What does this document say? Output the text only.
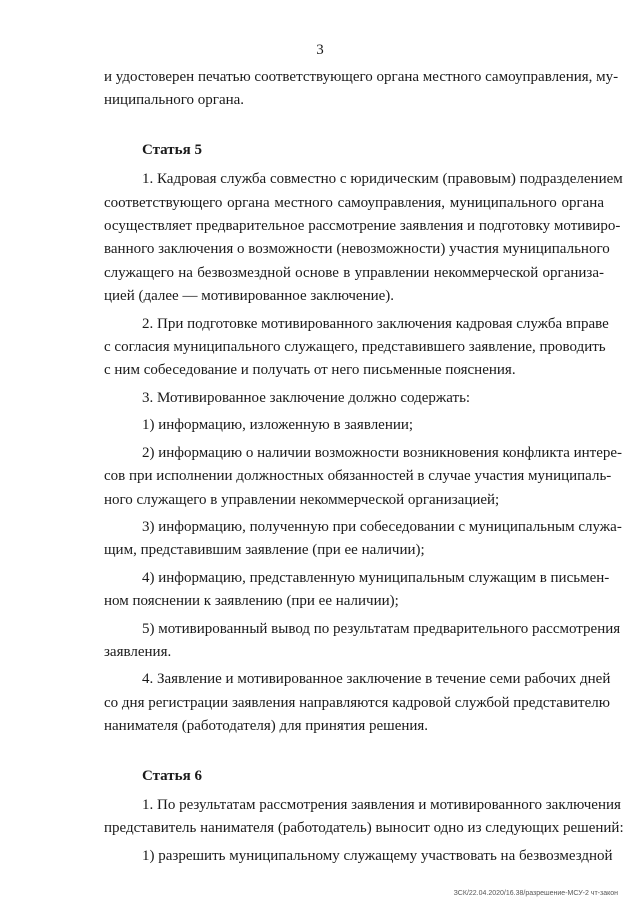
3
и удостоверен печатью соответствующего органа местного самоуправления, му-
ниципального органа.
Статья 5
1. Кадровая служба совместно с юридическим (правовым) подразделением
соответствующего органа местного самоуправления, муниципального органа
осуществляет предварительное рассмотрение заявления и подготовку мотивиро-
ванного заключения о возможности (невозможности) участия муниципального
служащего на безвозмездной основе в управлении некоммерческой организа-
цией (далее — мотивированное заключение).
2. При подготовке мотивированного заключения кадровая служба вправе
с согласия муниципального служащего, представившего заявление, проводить
с ним собеседование и получать от него письменные пояснения.
3. Мотивированное заключение должно содержать:
1) информацию, изложенную в заявлении;
2) информацию о наличии возможности возникновения конфликта интере-
сов при исполнении должностных обязанностей в случае участия муниципаль-
ного служащего в управлении некоммерческой организацией;
3) информацию, полученную при собеседовании с муниципальным служа-
щим, представившим заявление (при ее наличии);
4) информацию, представленную муниципальным служащим в письмен-
ном пояснении к заявлению (при ее наличии);
5) мотивированный вывод по результатам предварительного рассмотрения
заявления.
4. Заявление и мотивированное заключение в течение семи рабочих дней
со дня регистрации заявления направляются кадровой службой представителю
нанимателя (работодателя) для принятия решения.
Статья 6
1. По результатам рассмотрения заявления и мотивированного заключения
представитель нанимателя (работодатель) выносит одно из следующих решений:
1) разрешить муниципальному служащему участвовать на безвозмездной
ЗСК/22.04.2020/16.38/разрешение-МСУ-2 чт-закон
